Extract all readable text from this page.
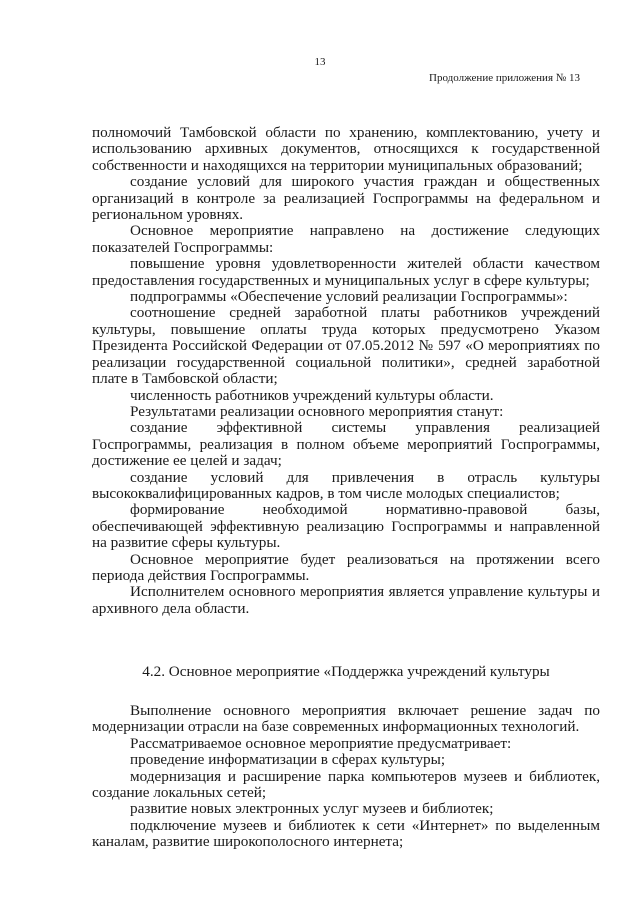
13
Продолжение приложения № 13

полномочий Тамбовской области по хранению, комплектованию, учету и использованию архивных документов, относящихся к государственной собственности и находящихся на территории муниципальных образований;

создание условий для широкого участия граждан и общественных организаций в контроле за реализацией Госпрограммы на федеральном и региональном уровнях.

Основное мероприятие направлено на достижение следующих показателей Госпрограммы:

повышение уровня удовлетворенности жителей области качеством предоставления государственных и муниципальных услуг в сфере культуры;

подпрограммы «Обеспечение условий реализации Госпрограммы»:

соотношение средней заработной платы работников учреждений культуры, повышение оплаты труда которых предусмотрено Указом Президента Российской Федерации от 07.05.2012 № 597 «О мероприятиях по реализации государственной социальной политики», средней заработной плате в Тамбовской области;

численность работников учреждений культуры области.

Результатами реализации основного мероприятия станут:

создание эффективной системы управления реализацией Госпрограммы, реализация в полном объеме мероприятий Госпрограммы, достижение ее целей и задач;

создание условий для привлечения в отрасль культуры высококвалифицированных кадров, в том числе молодых специалистов;

формирование необходимой нормативно-правовой базы, обеспечивающей эффективную реализацию Госпрограммы и направленной на развитие сферы культуры.

Основное мероприятие будет реализоваться на протяжении всего периода действия Госпрограммы.

Исполнителем основного мероприятия является управление культуры и архивного дела области.

4.2. Основное мероприятие «Поддержка учреждений культуры

Выполнение основного мероприятия включает решение задач по модернизации отрасли на базе современных информационных технологий.

Рассматриваемое основное мероприятие предусматривает:

проведение информатизации в сферах культуры;

модернизация и расширение парка компьютеров музеев и библиотек, создание локальных сетей;

развитие новых электронных услуг музеев и библиотек;

подключение музеев и библиотек к сети «Интернет» по выделенным каналам, развитие широкополосного интернета;
